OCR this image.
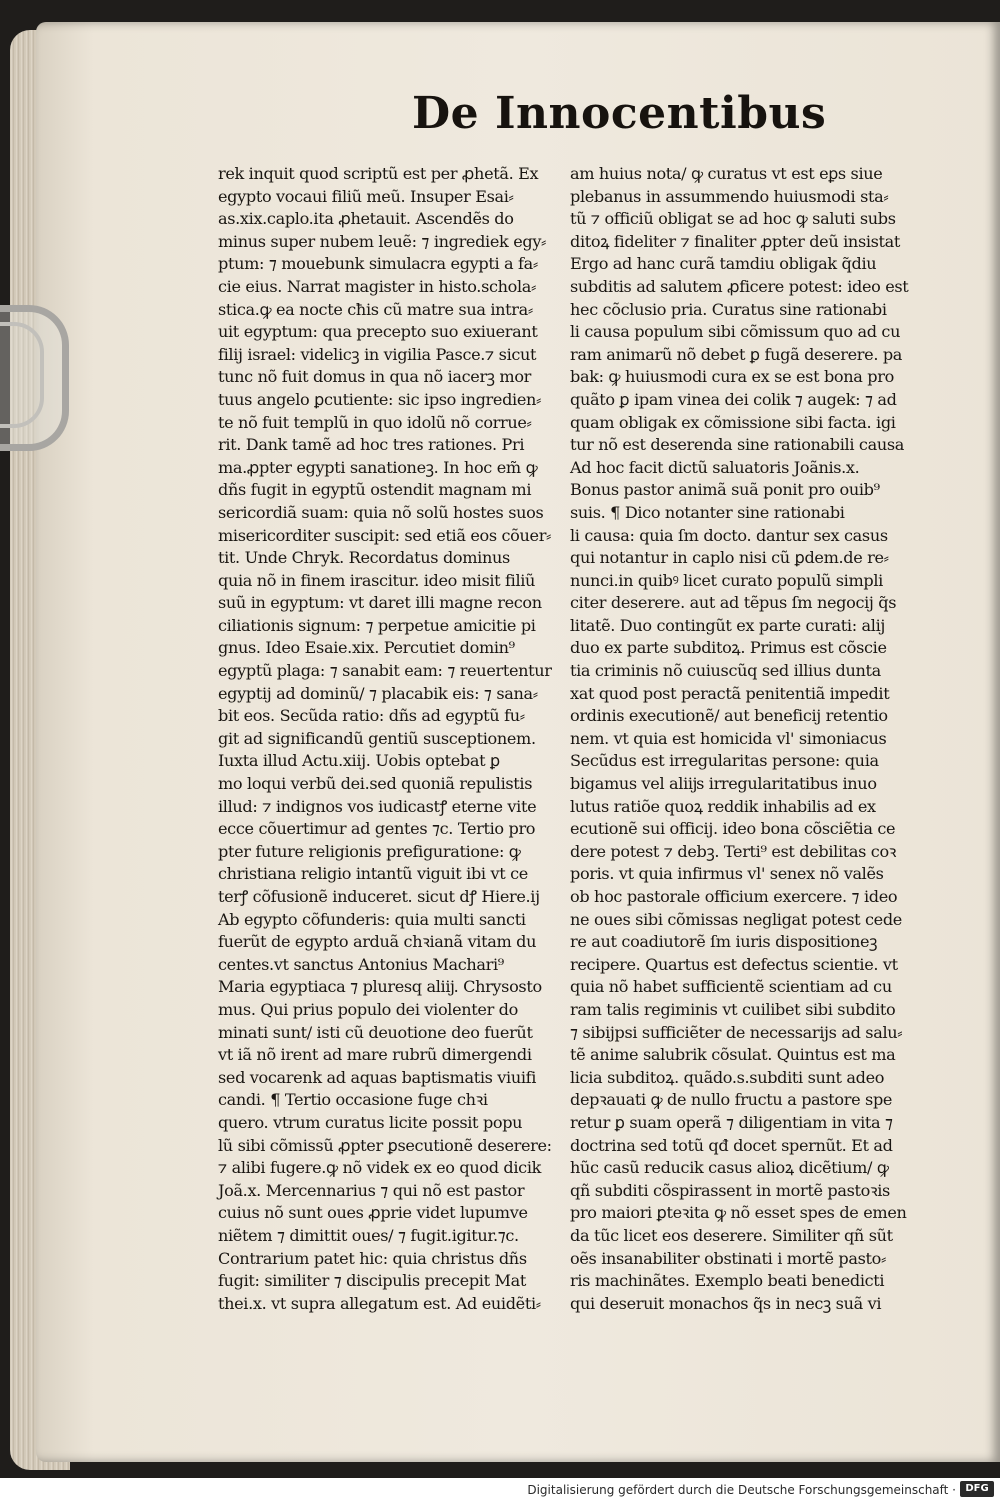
De Innocentibus
rek inquit quod scriptũ est per ꝓhetã. Ex
egypto vocaui filiũ meũ. Insuper Esai⸗
as.xix.caplo.ita ꝓhetauit. Ascendẽs do
minus super nubem leuẽ: ⁊ ingrediek egy⸗
ptum: ⁊ mouebunk simulacra egypti a fa⸗
cie eius. Narrat magister in histo.schola⸗
stica.ꝙ ea nocte cħis cũ matre sua intra⸗
uit egyptum: qua precepto suo exiuerant
filij israel: videlicꝫ in vigilia Pasce.⁊ sicut
tunc nõ fuit domus in qua nõ iacerꝫ mor
tuus angelo ꝑcutiente: sic ipso ingredien⸗
te nõ fuit templũ in quo idolũ nõ corrue⸗
rit. Dank tamẽ ad hoc tres rationes. Pri
ma.ꝓpter egypti sanationeꝫ. In hoc em̃ ꝙ
dñs fugit in egyptũ ostendit magnam mi
sericordiã suam: quia nõ solũ hostes suos
misericorditer suscipit: sed etiã eos cõuer⸗
tit. Unde Chryk. Recordatus dominus
quia nõ in finem irascitur. ideo misit filiũ
suũ in egyptum: vt daret illi magne recon
ciliationis signum: ⁊ perpetue amicitie pi
gnus. Ideo Esaie.xix. Percutiet domin⁹
egyptũ plaga: ⁊ sanabit eam: ⁊ reuertentur
egyptij ad dominũ/ ⁊ placabik eis: ⁊ sana⸗
bit eos. Secũda ratio: dñs ad egyptũ fu⸗
git ad significandũ gentiũ susceptionem.
Iuxta illud Actu.xiij. Uobis optebat ꝑ
mo loqui verbũ dei.sed quoniã repulistis
illud: ⁊ indignos vos iudicastꝭ eterne vite
ecce cõuertimur ad gentes ⁊c. Tertio pro
pter future religionis prefiguratione: ꝙ
christiana religio intantũ viguit ibi vt ce
terꝭ cõfusionẽ induceret. sicut dꝭ Hiere.ij
Ab egypto cõfunderis: quia multi sancti
fuerũt de egypto arduã chꝛianã vitam du
centes.vt sanctus Antonius Machari⁹
Maria egyptiaca ⁊ pluresq aliĳ. Chrysosto
mus. Qui prius populo dei violenter do
minati sunt/ isti cũ deuotione deo fuerũt
vt iã nõ irent ad mare rubrũ dimergendi
sed vocarenk ad aquas baptismatis viuifi
candi. ¶ Tertio occasione fuge chꝛi
quero. vtrum curatus licite possit popu
lũ sibi cõmissũ ꝓpter ꝑsecutionẽ deserere:
⁊ alibi fugere.ꝙ nõ videk ex eo quod dicik
Joã.x. Mercennarius ⁊ qui nõ est pastor
cuius nõ sunt oues ꝓprie videt lupumve
niẽtem ⁊ dimittit oues/ ⁊ fugit.igitur.⁊c.
Contrarium patet hic: quia christus dñs
fugit: similiter ⁊ discipulis precepit Mat
thei.x. vt supra allegatum est. Ad euidẽti⸗
am huius nota/ ꝙ curatus vt est eꝑs siue
plebanus in assummendo huiusmodi sta⸗
tũ ⁊ officiũ obligat se ad hoc ꝙ saluti subs
ditoꝝ fideliter ⁊ finaliter ꝓpter deũ insistat
Ergo ad hanc curã tamdiu obligak q̃diu
subditis ad salutem ꝓficere potest: ideo est
hec cõclusio pria. Curatus sine rationabi
li causa populum sibi cõmissum quo ad cu
ram animarũ nõ debet ꝑ fugã deserere. pa
bak: ꝙ huiusmodi cura ex se est bona pro
quãto ꝑ ipam vinea dei colik ⁊ augek: ⁊ ad
quam obligak ex cõmissione sibi facta. igi
tur nõ est deserenda sine rationabili causa
Ad hoc facit dictũ saluatoris Joãnis.x.
Bonus pastor animã suã ponit pro ouib⁹
suis. ¶ Dico notanter sine rationabi
li causa: quia ſm docto. dantur sex casus
qui notantur in caplo nisi cũ ꝑdem.de re⸗
nunci.in quibꝰ licet curato populũ simpli
citer deserere. aut ad tẽpus ſm negocij q̃s
litatẽ. Duo contingũt ex parte curati: alij
duo ex parte subditoꝝ. Primus est cõscie
tia criminis nõ cuiuscũq sed illius dunta
xat quod post peractã penitentiã impedit
ordinis executionẽ/ aut beneficij retentio
nem. vt quia est homicida vl' simoniacus
Secũdus est irregularitas persone: quia
bigamus vel aliĳs irregularitatibus inuo
lutus ratiõe quoꝝ reddik inhabilis ad ex
ecutionẽ sui officij. ideo bona cõsciẽtia ce
dere potest ⁊ debꝫ. Terti⁹ est debilitas coꝛ
poris. vt quia infirmus vl' senex nõ valẽs
ob hoc pastorale officium exercere. ⁊ ideo
ne oues sibi cõmissas negligat potest cede
re aut coadiutorẽ ſm iuris dispositioneꝫ
recipere. Quartus est defectus scientie. vt
quia nõ habet sufficientẽ scientiam ad cu
ram talis regiminis vt cuilibet sibi subdito
⁊ sibijpsi sufficiẽter de necessarijs ad salu⸗
tẽ anime salubrik cõsulat. Quintus est ma
licia subditoꝝ. quãdo.s.subditi sunt adeo
depꝛauati ꝙ de nullo fructu a pastore spe
retur ꝑ suam operã ⁊ diligentiam in vita ⁊
doctrina sed totũ qđ docet spernũt. Et ad
hũc casũ reducik casus alioꝝ dicẽtium/ ꝙ
qñ subditi cõspirassent in mortẽ pastoꝛis
pro maiori ꝑteꝛita ꝙ nõ esset spes de emen
da tũc licet eos deserere. Similiter qñ sũt
oẽs insanabiliter obstinati i mortẽ pasto⸗
ris machinãtes. Exemplo beati benedicti
qui deseruit monachos q̃s in necꝫ suã vi
Digitalisierung gefördert durch die Deutsche Forschungsgemeinschaft · DFG
